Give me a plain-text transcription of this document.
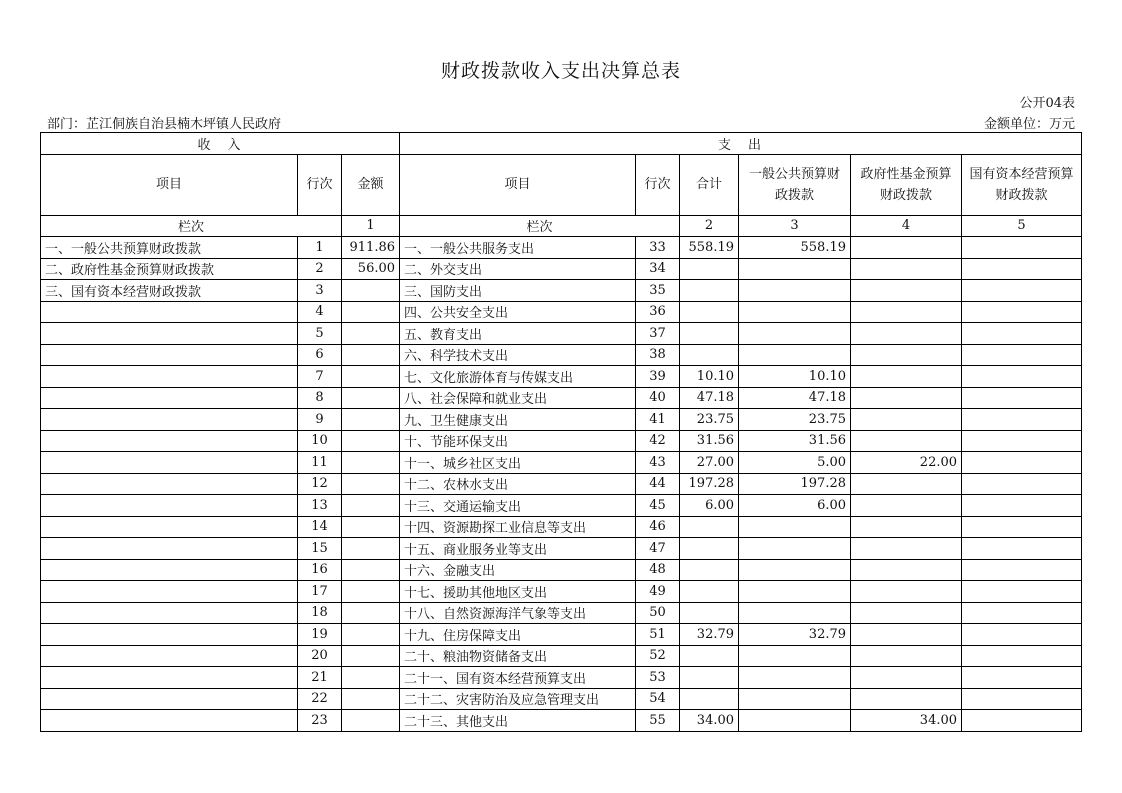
财政拨款收入支出决算总表
公开04表
部门：芷江侗族自治县楠木坪镇人民政府	金额单位：万元
收　入			支　出					
项目	行次	金额	项目	行次	合计	一般公共预算财政拨款	政府性基金预算财政拨款	国有资本经营预算财政拨款
栏次		1	栏次		2	3	4	5
一、一般公共预算财政拨款	1	911.86	一、一般公共服务支出	33	558.19	558.19		
二、政府性基金预算财政拨款	2	56.00	二、外交支出	34				
三、国有资本经营财政拨款	3		三、国防支出	35				
	4		四、公共安全支出	36				
	5		五、教育支出	37				
	6		六、科学技术支出	38				
	7		七、文化旅游体育与传媒支出	39	10.10	10.10		
	8		八、社会保障和就业支出	40	47.18	47.18		
	9		九、卫生健康支出	41	23.75	23.75		
	10		十、节能环保支出	42	31.56	31.56		
	11		十一、城乡社区支出	43	27.00	5.00	22.00	
	12		十二、农林水支出	44	197.28	197.28		
	13		十三、交通运输支出	45	6.00	6.00		
	14		十四、资源勘探工业信息等支出	46				
	15		十五、商业服务业等支出	47				
	16		十六、金融支出	48				
	17		十七、援助其他地区支出	49				
	18		十八、自然资源海洋气象等支出	50				
	19		十九、住房保障支出	51	32.79	32.79		
	20		二十、粮油物资储备支出	52				
	21		二十一、国有资本经营预算支出	53				
	22		二十二、灾害防治及应急管理支出	54				
	23		二十三、其他支出	55	34.00		34.00	
